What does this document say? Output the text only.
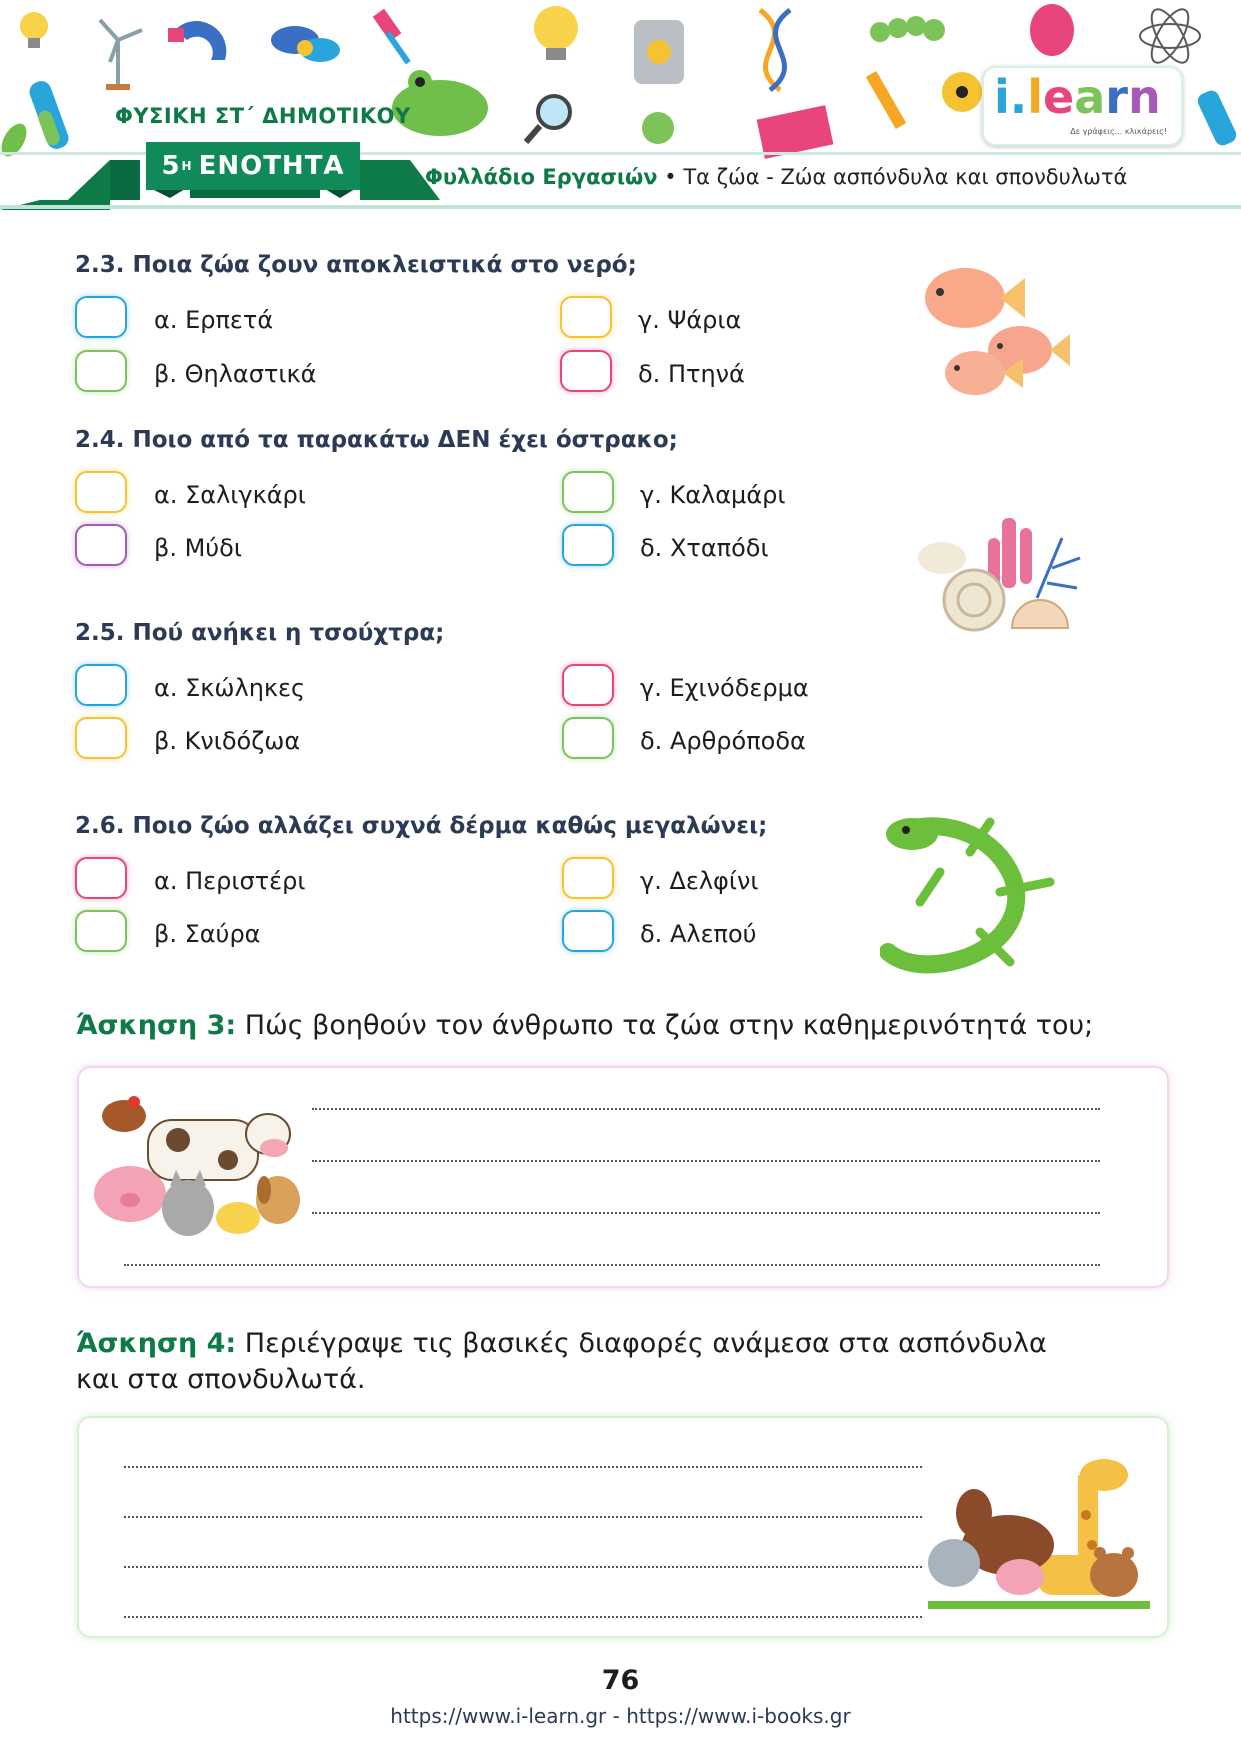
ΦΥΣΙΚΗ ΣΤ΄ ΔΗΜΟΤΙΚΟΥ
5 Η ΕΝΟΤΗΤΑ	Φυλλάδιο Εργασιών • Τα ζώα - Ζώα ασπόνδυλα και σπονδυλωτά
i.learn
Δε γράφεις... κλικάρεις!
2.3. Ποια ζώα ζουν αποκλειστικά στο νερό;
α. Ερπετά
β. Θηλαστικά
γ. Ψάρια
δ. Πτηνά
2.4. Ποιο από τα παρακάτω ΔΕΝ έχει όστρακο;
α. Σαλιγκάρι
β. Μύδι
γ. Καλαμάρι
δ. Χταπόδι
2.5. Πού ανήκει η τσούχτρα;
α. Σκώληκες
β. Κνιδόζωα
γ. Εχινόδερμα
δ. Αρθρόποδα
2.6. Ποιο ζώο αλλάζει συχνά δέρμα καθώς μεγαλώνει;
α. Περιστέρι
β. Σαύρα
γ. Δελφίνι
δ. Αλεπού
Άσκηση 3: Πώς βοηθούν τον άνθρωπο τα ζώα στην καθημερινότητά του;
Άσκηση 4: Περιέγραψε τις βασικές διαφορές ανάμεσα στα ασπόνδυλα και στα σπονδυλωτά.
76
https://www.i-learn.gr - https://www.i-books.gr
